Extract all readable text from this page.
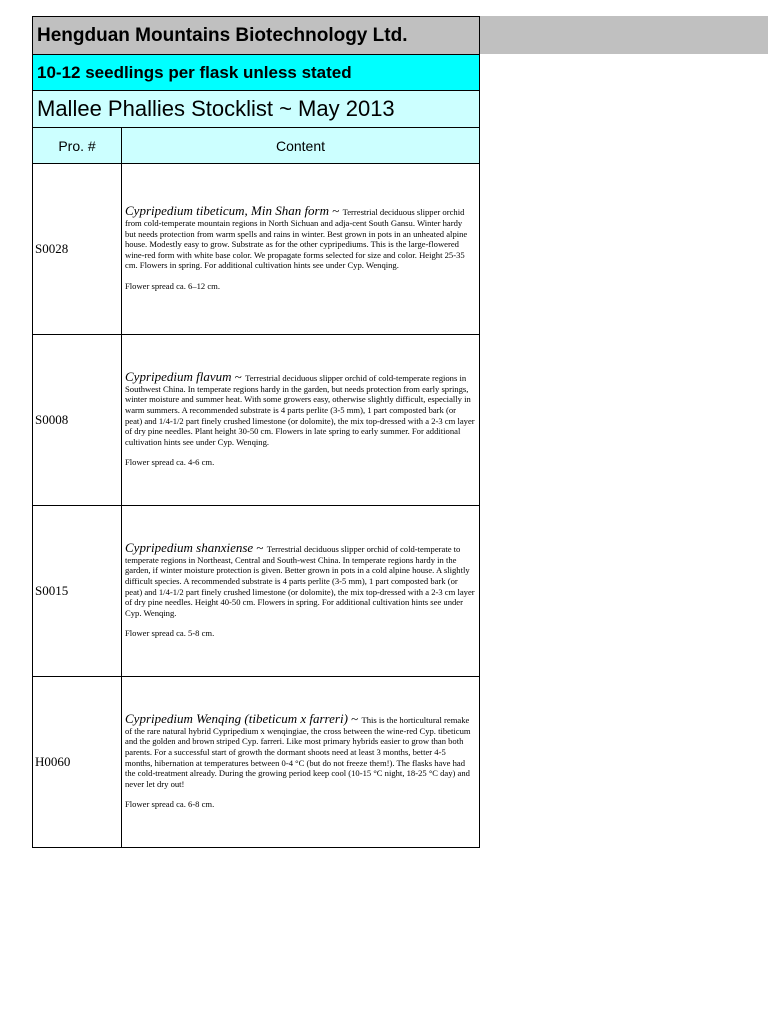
Hengduan Mountains Biotechnology Ltd.
10-12 seedlings per flask unless stated
Mallee Phallies Stocklist ~ May 2013
Pro. #	Content
S0028	Cypripedium tibeticum, Min Shan form ~ Terrestrial deciduous slipper orchid from cold-temperate mountain regions in North Sichuan and adja-cent South Gansu. Winter hardy but needs protection from warm spells and rains in winter. Best grown in pots in an unheated alpine house. Modestly easy to grow. Substrate as for the other cypripediums. This is the large-flowered wine-red form with white base color. We propagate forms selected for size and color. Height 25-35 cm. Flowers in spring. For additional cultivation hints see under Cyp. Wenqing.
Flower spread ca. 6–12 cm.

S0008	Cypripedium flavum ~ Terrestrial deciduous slipper orchid of cold-temperate regions in Southwest China. In temperate regions hardy in the garden, but needs protection from early springs, winter moisture and summer heat. With some growers easy, otherwise slightly difficult, especially in warm summers. A recommended substrate is 4 parts perlite (3-5 mm), 1 part composted bark (or peat) and 1/4-1/2 part finely crushed limestone (or dolomite), the mix top-dressed with a 2-3 cm layer of dry pine needles. Plant height 30-50 cm. Flowers in late spring to early summer. For additional cultivation hints see under Cyp. Wenqing.
Flower spread ca. 4-6 cm.

S0015	Cypripedium shanxiense ~ Terrestrial deciduous slipper orchid of cold-temperate to temperate regions in Northeast, Central and South-west China. In temperate regions hardy in the garden, if winter moisture protection is given. Better grown in pots in a cold alpine house. A slightly difficult species. A recommended substrate is 4 parts perlite (3-5 mm), 1 part composted bark (or peat) and 1/4-1/2 part finely crushed limestone (or dolomite), the mix top-dressed with a 2-3 cm layer of dry pine needles. Height 40-50 cm. Flowers in spring. For additional cultivation hints see under Cyp. Wenqing.
Flower spread ca. 5-8 cm.

H0060	Cypripedium Wenqing (tibeticum x farreri) ~ This is the horticultural remake of the rare natural hybrid Cypripedium x wenqingiae, the cross between the wine-red Cyp. tibeticum and the golden and brown striped Cyp. farreri. Like most primary hybrids easier to grow than both parents. For a successful start of growth the dormant shoots need at least 3 months, better 4-5 months, hibernation at temperatures between 0-4 °C (but do not freeze them!). The flasks have had the cold-treatment already. During the growing period keep cool (10-15 °C night, 18-25 °C day) and never let dry out!
Flower spread ca. 6-8 cm.
